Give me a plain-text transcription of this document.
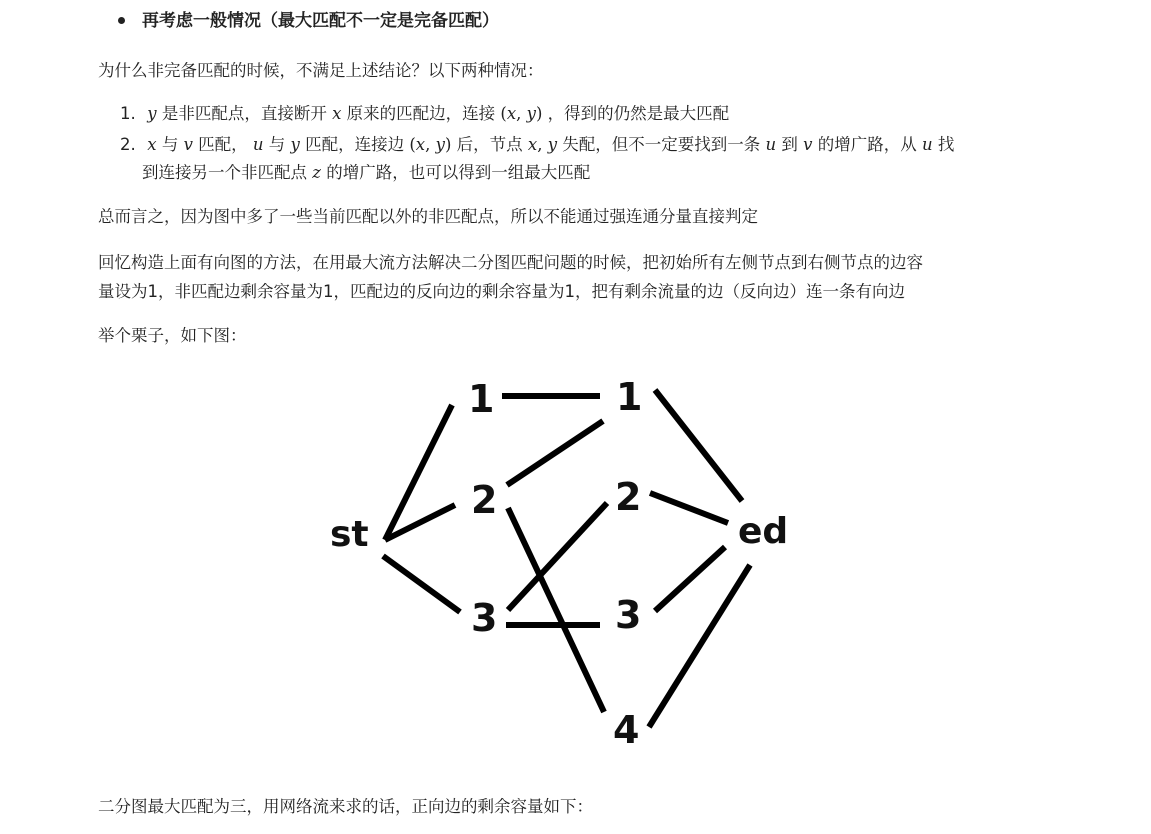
再考虑一般情况（最大匹配不一定是完备匹配）

为什么非完备匹配的时候，不满足上述结论？以下两种情况：

1. y 是非匹配点，直接断开 x 原来的匹配边，连接 (x, y) ，得到的仍然是最大匹配
2. x 与 v 匹配， u 与 y 匹配，连接边 (x, y) 后，节点 x, y 失配，但不一定要找到一条 u 到 v 的增广路，从 u 找
到连接另一个非匹配点 z 的增广路，也可以得到一组最大匹配

总而言之，因为图中多了一些当前匹配以外的非匹配点，所以不能通过强连通分量直接判定

回忆构造上面有向图的方法，在用最大流方法解决二分图匹配问题的时候，把初始所有左侧节点到右侧节点的边容

量设为1，非匹配边剩余容量为1，匹配边的反向边的剩余容量为1，把有剩余流量的边（反向边）连一条有向边

举个栗子，如下图：

st
1
2
3
1
2
3
4
ed

二分图最大匹配为三，用网络流来求的话，正向边的剩余容量如下：
